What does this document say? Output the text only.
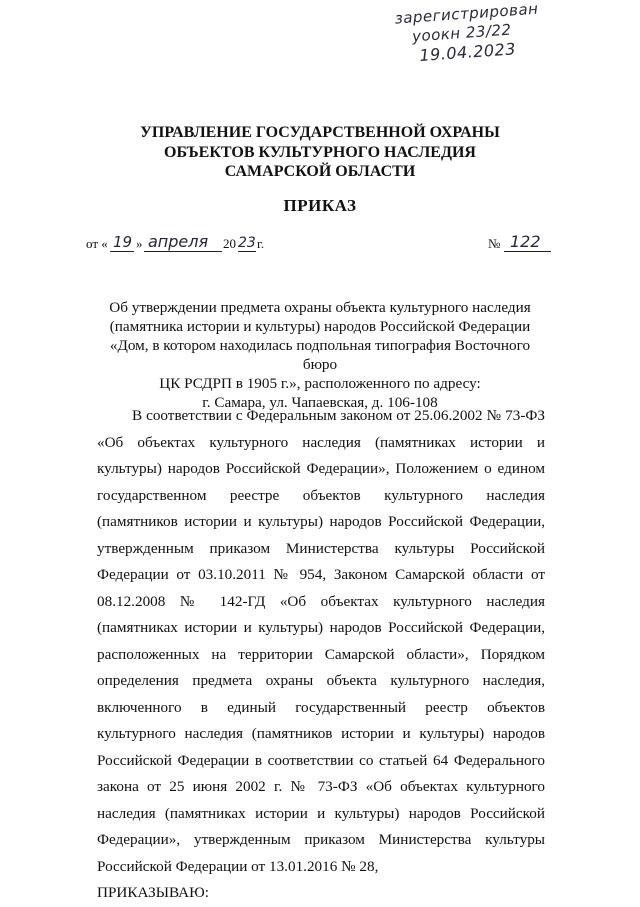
зарегистрирован
уоокн 23/22
19.04.2023
УПРАВЛЕНИЕ ГОСУДАРСТВЕННОЙ ОХРАНЫ
ОБЪЕКТОВ КУЛЬТУРНОГО НАСЛЕДИЯ
САМАРСКОЙ ОБЛАСТИ
ПРИКАЗ
от « 19 » апреля 20 23 г.	№ 122
Об утверждении предмета охраны объекта культурного наследия
(памятника истории и культуры) народов Российской Федерации
«Дом, в котором находилась подпольная типография Восточного бюро
ЦК РСДРП в 1905 г.», расположенного по адресу:
г. Самара, ул. Чапаевская, д. 106-108

В соответствии с Федеральным законом от 25.06.2002 № 73-ФЗ «Об объектах культурного наследия (памятниках истории и культуры) народов Российской Федерации», Положением о едином государственном реестре объектов культурного наследия (памятников истории и культуры) народов Российской Федерации, утвержденным приказом Министерства культуры Российской Федерации от 03.10.2011 № 954, Законом Самарской области от 08.12.2008 № 142-ГД «Об объектах культурного наследия (памятниках истории и культуры) народов Российской Федерации, расположенных на территории Самарской области», Порядком определения предмета охраны объекта культурного наследия, включенного в единый государственный реестр объектов культурного наследия (памятников истории и культуры) народов Российской Федерации в соответствии со статьей 64 Федерального закона от 25 июня 2002 г. № 73-ФЗ «Об объектах культурного наследия (памятниках истории и культуры) народов Российской Федерации», утвержденным приказом Министерства культуры Российской Федерации от 13.01.2016 № 28,

ПРИКАЗЫВАЮ:
